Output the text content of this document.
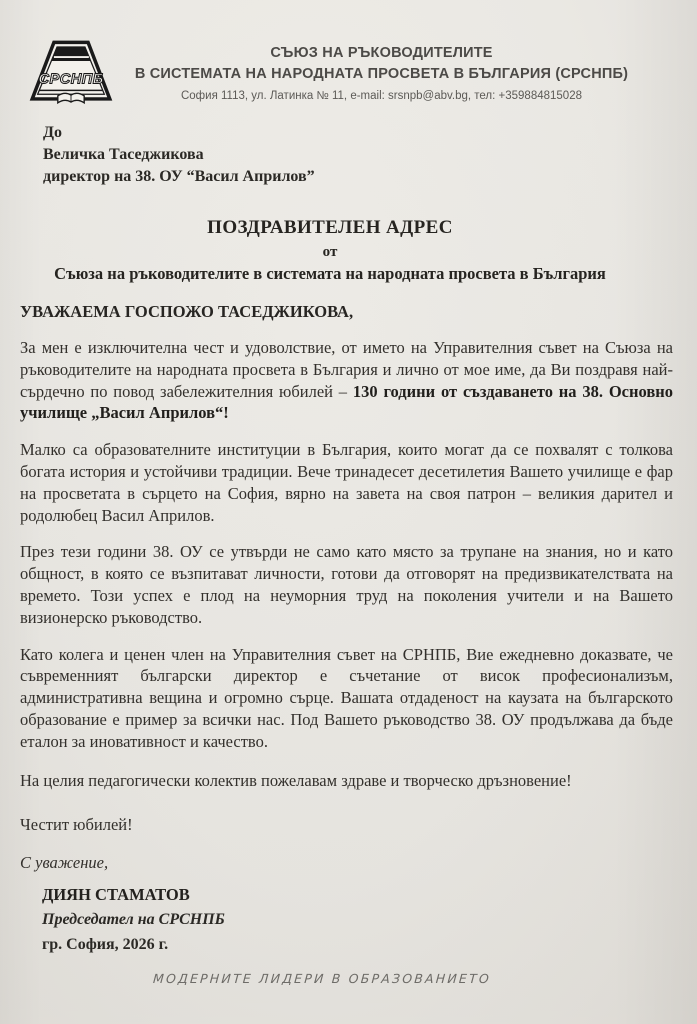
СРСНПБ
СЪЮЗ НА РЪКОВОДИТЕЛИТЕ
В СИСТЕМАТА НА НАРОДНАТА ПРОСВЕТА В БЪЛГАРИЯ (СРСНПБ)
София 1113, ул. Латинка № 11, e-mail: srsnpb@abv.bg, тел: +359884815028
До
Величка Таседжикова
директор на 38. ОУ “Васил Априлов”
ПОЗДРАВИТЕЛЕН АДРЕС
от
Съюза на ръководителите в системата на народната просвета в България
УВАЖАЕМА ГОСПОЖО ТАСЕДЖИКОВА,

За мен е изключителна чест и удоволствие, от името на Управителния съвет на Съюза на ръководителите на народната просвета в България и лично от мое име, да Ви поздравя най-сърдечно по повод забележителния юбилей – 130 години от създаването на 38. Основно училище „Васил Априлов“!

Малко са образователните институции в България, които могат да се похвалят с толкова богата история и устойчиви традиции. Вече тринадесет десетилетия Вашето училище е фар на просветата в сърцето на София, вярно на завета на своя патрон – великия дарител и родолюбец Васил Априлов.

През тези години 38. ОУ се утвърди не само като място за трупане на знания, но и като общност, в която се възпитават личности, готови да отговорят на предизвикателствата на времето. Този успех е плод на неуморния труд на поколения учители и на Вашето визионерско ръководство.

Като колега и ценен член на Управителния съвет на СРНПБ, Вие ежедневно доказвате, че съвременният български директор е съчетание от висок професионализъм, административна вещина и огромно сърце. Вашата отдаденост на каузата на българското образование е пример за всички нас. Под Вашето ръководство 38. ОУ продължава да бъде еталон за иновативност и качество.

На целия педагогически колектив пожелавам здраве и творческо дръзновение!

Честит юбилей!

С уважение,
ДИЯН СТАМАТОВ
Председател на СРСНПБ
гр. София, 2026 г.
МОДЕРНИТЕ ЛИДЕРИ В ОБРАЗОВАНИЕТО
